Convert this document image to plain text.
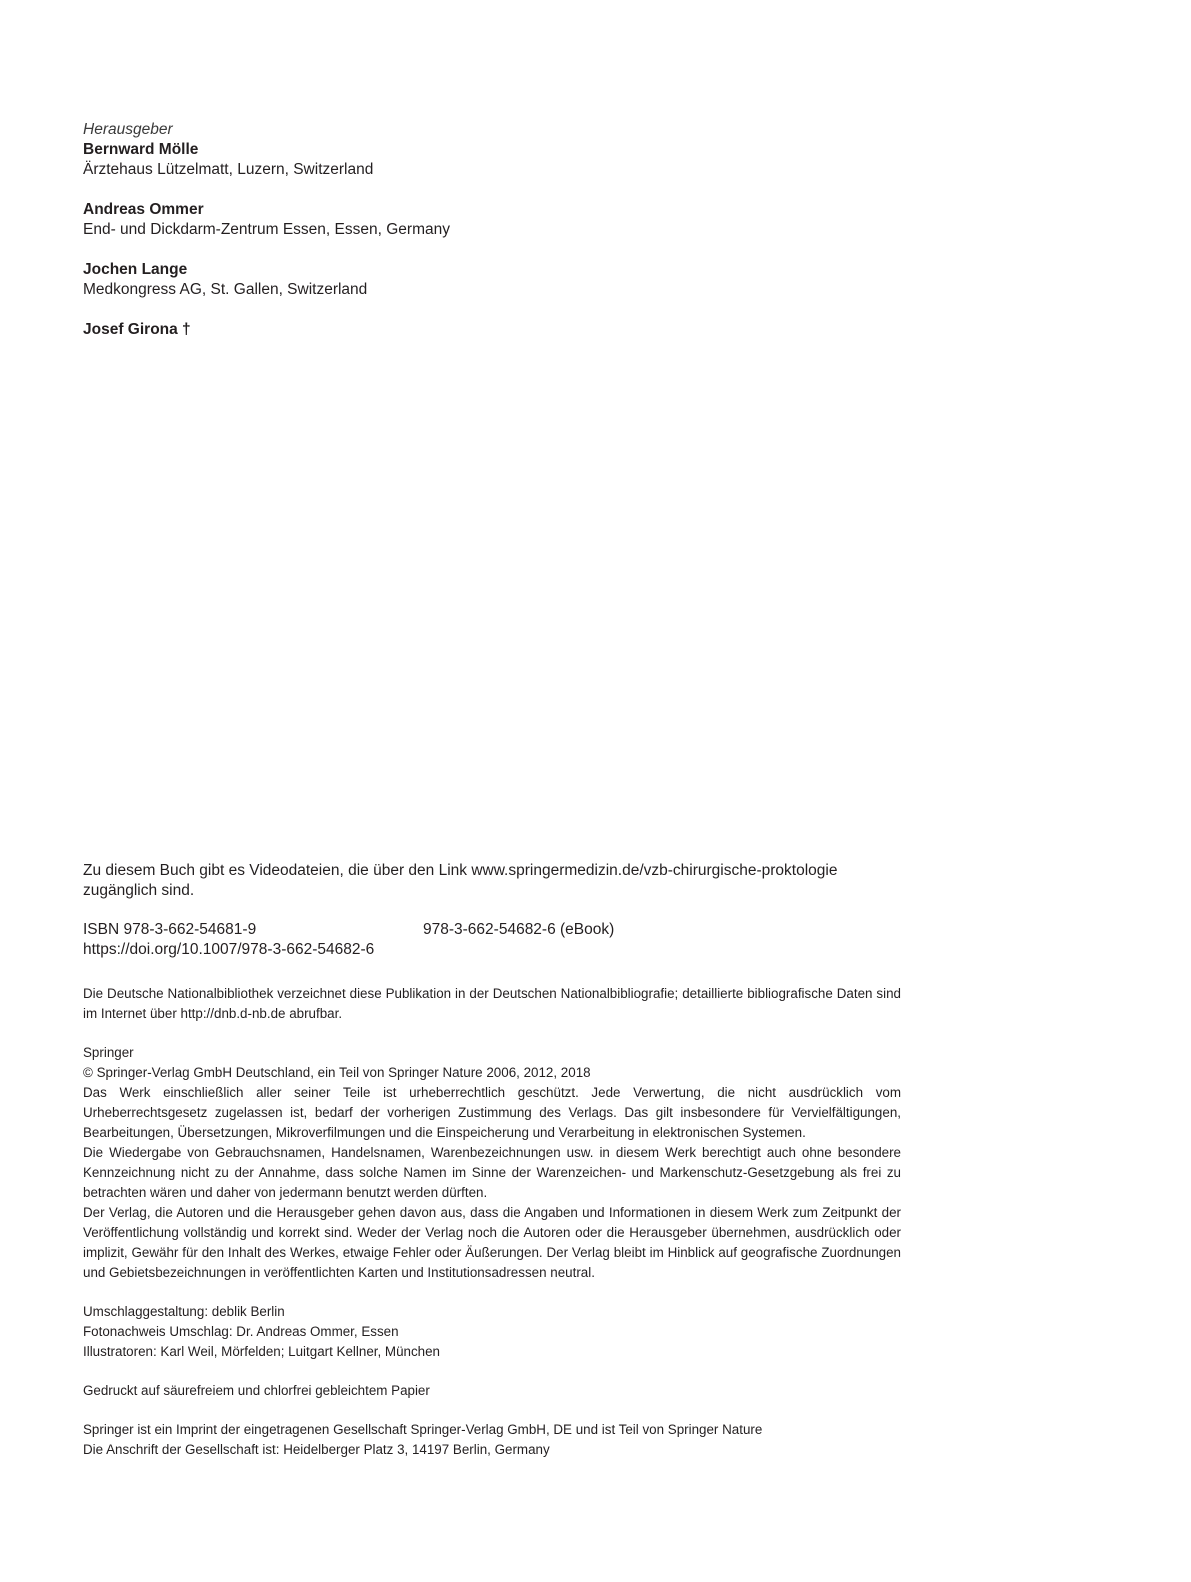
Herausgeber
Bernward Mölle
Ärztehaus Lützelmatt, Luzern, Switzerland
Andreas Ommer
End- und Dickdarm-Zentrum Essen, Essen, Germany
Jochen Lange
Medkongress AG, St. Gallen, Switzerland
Josef Girona †

Zu diesem Buch gibt es Videodateien, die über den Link www.springermedizin.de/vzb-chirurgische-proktologie zugänglich sind.

ISBN 978-3-662-54681-9	978-3-662-54682-6 (eBook)
https://doi.org/10.1007/978-3-662-54682-6

Die Deutsche Nationalbibliothek verzeichnet diese Publikation in der Deutschen Nationalbibliografie; detaillierte bibliografische Daten sind im Internet über http://dnb.d-nb.de abrufbar.

Springer
© Springer-Verlag GmbH Deutschland, ein Teil von Springer Nature 2006, 2012, 2018
Das Werk einschließlich aller seiner Teile ist urheberrechtlich geschützt. Jede Verwertung, die nicht ausdrücklich vom Urheberrechtsgesetz zugelassen ist, bedarf der vorherigen Zustimmung des Verlags. Das gilt insbesondere für Vervielfältigungen, Bearbeitungen, Übersetzungen, Mikroverfilmungen und die Einspeicherung und Verarbeitung in elektronischen Systemen.
Die Wiedergabe von Gebrauchsnamen, Handelsnamen, Warenbezeichnungen usw. in diesem Werk berechtigt auch ohne besondere Kennzeichnung nicht zu der Annahme, dass solche Namen im Sinne der Warenzeichen- und Markenschutz-Gesetzgebung als frei zu betrachten wären und daher von jedermann benutzt werden dürften.
Der Verlag, die Autoren und die Herausgeber gehen davon aus, dass die Angaben und Informationen in diesem Werk zum Zeitpunkt der Veröffentlichung vollständig und korrekt sind. Weder der Verlag noch die Autoren oder die Herausgeber übernehmen, ausdrücklich oder implizit, Gewähr für den Inhalt des Werkes, etwaige Fehler oder Äußerungen. Der Verlag bleibt im Hinblick auf geografische Zuordnungen und Gebietsbezeichnungen in veröffentlichten Karten und Institutionsadressen neutral.
Umschlaggestaltung: deblik Berlin
Fotonachweis Umschlag: Dr. Andreas Ommer, Essen
Illustratoren: Karl Weil, Mörfelden; Luitgart Kellner, München

Gedruckt auf säurefreiem und chlorfrei gebleichtem Papier

Springer ist ein Imprint der eingetragenen Gesellschaft Springer-Verlag GmbH, DE und ist Teil von Springer Nature
Die Anschrift der Gesellschaft ist: Heidelberger Platz 3, 14197 Berlin, Germany
